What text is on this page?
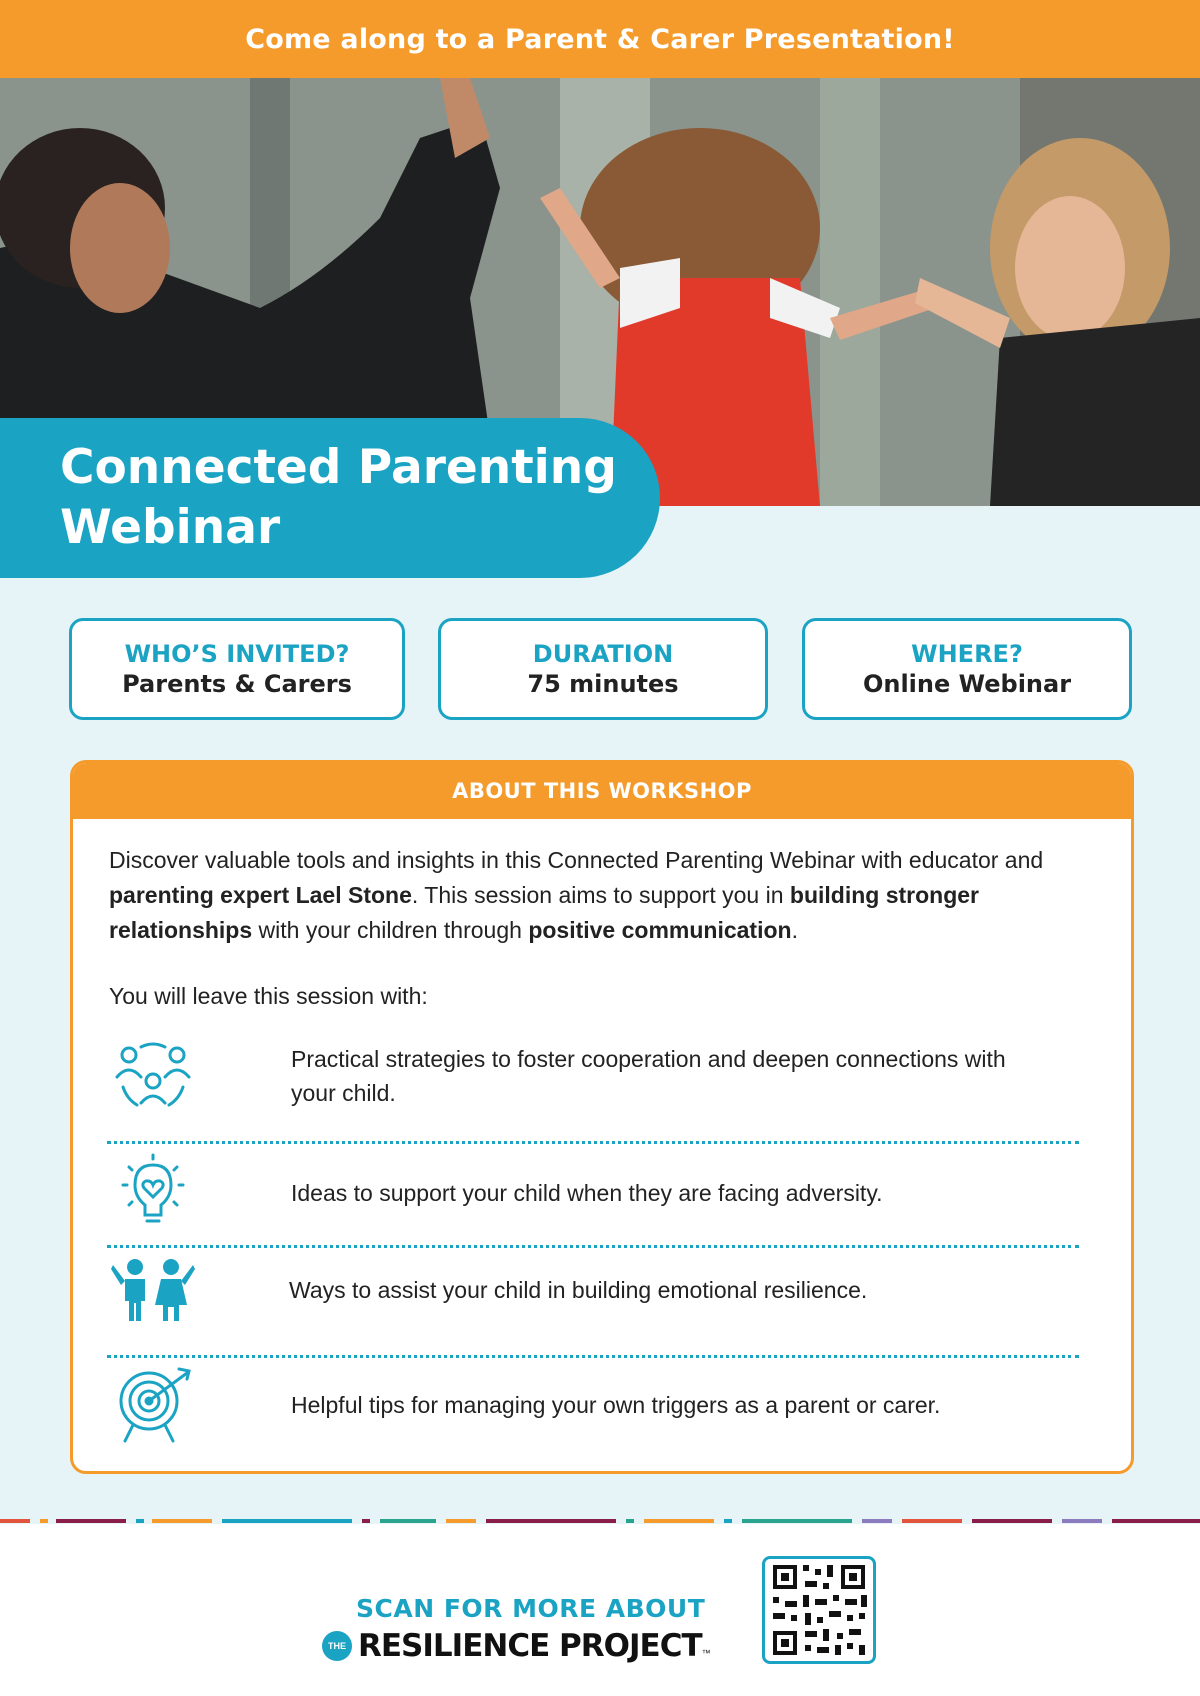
Come along to a Parent & Carer Presentation!
Connected Parenting Webinar
WHO’S INVITED?
Parents & Carers
DURATION
75 minutes
WHERE?
Online Webinar
ABOUT THIS WORKSHOP

Discover valuable tools and insights in this Connected Parenting Webinar with educator and parenting expert Lael Stone. This session aims to support you in building stronger relationships with your children through positive communication.

You will leave this session with:

Practical strategies to foster cooperation and deepen connections with your child.
Ideas to support your child when they are facing adversity.
Ways to assist your child in building emotional resilience.
Helpful tips for managing your own triggers as a parent or carer.
SCAN FOR MORE ABOUT
THE RESILIENCE PROJECT ™
